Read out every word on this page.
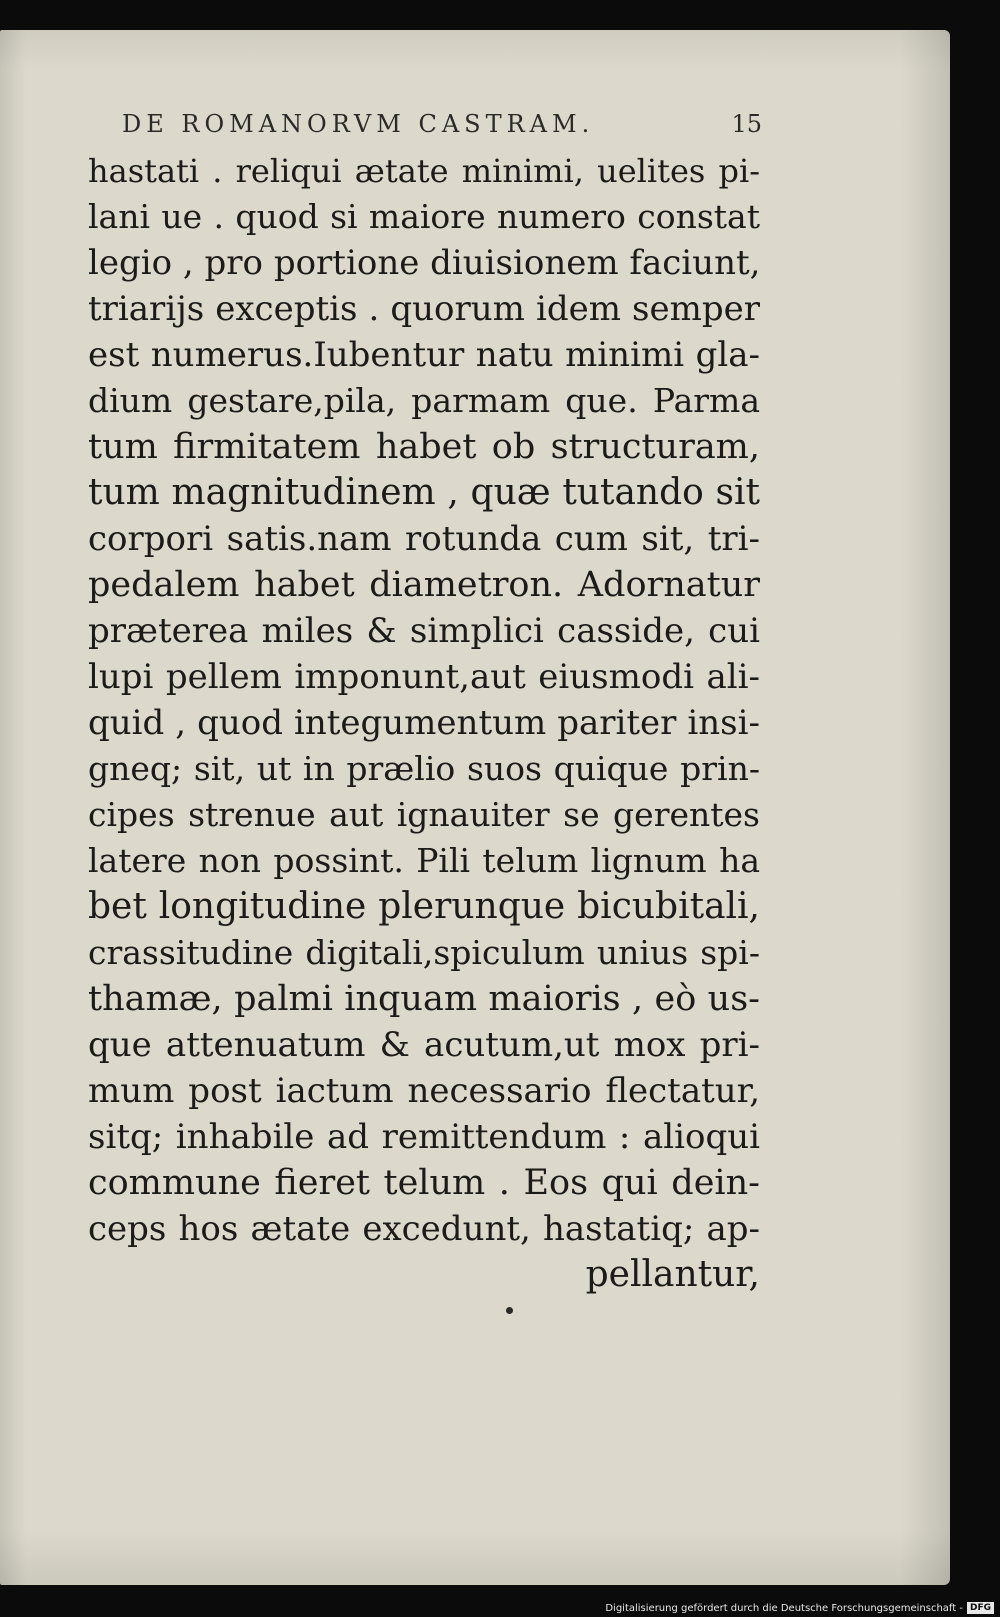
DE ROMANORVM CASTRAM.	15
hastati . reliqui ætate minimi, uelites pi-
lani ue . quod si maiore numero constat
legio , pro portione diuisionem faciunt,
triarijs exceptis . quorum idem semper
est numerus.Iubentur natu minimi gla-
dium gestare,pila, parmam que. Parma
tum firmitatem habet ob structuram,
tum magnitudinem , quæ tutando sit
corpori satis.nam rotunda cum sit, tri-
pedalem habet diametron. Adornatur
præterea miles & simplici casside, cui
lupi pellem imponunt,aut eiusmodi ali-
quid , quod integumentum pariter insi-
gneq; sit, ut in prælio suos quique prin-
cipes strenue aut ignauiter se gerentes
latere non possint. Pili telum lignum ha
bet longitudine plerunque bicubitali,
crassitudine digitali,spiculum unius spi-
thamæ, palmi inquam maioris , eò us-
que attenuatum & acutum,ut mox pri-
mum post iactum necessario flectatur,
sitq; inhabile ad remittendum : alioqui
commune fieret telum . Eos qui dein-
ceps hos ætate excedunt, hastatiq; ap-
pellantur,
Digitalisierung gefördert durch die Deutsche Forschungsgemeinschaft - DFG
